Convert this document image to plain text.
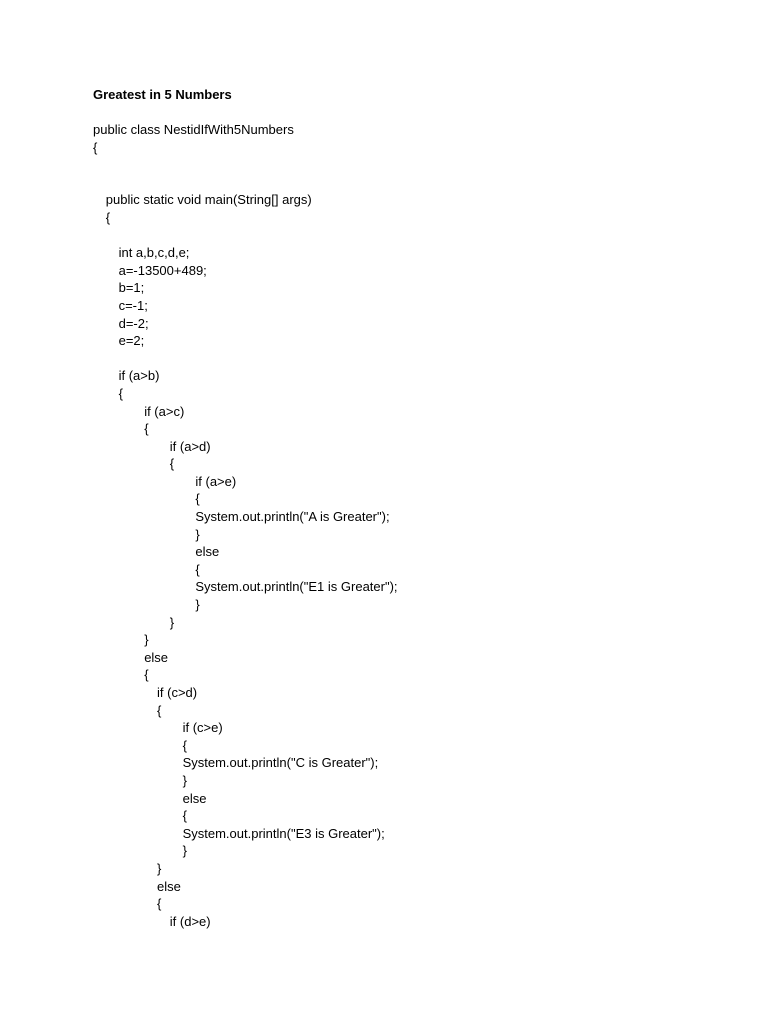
Greatest in 5 Numbers
public class NestidIfWith5Numbers
{
public static void main(String[] args)
{
int a,b,c,d,e;
a=-13500+489;
b=1;
c=-1;
d=-2;
e=2;
if (a>b)
{
if (a>c)
{
if (a>d)
{
if (a>e)
{
System.out.println("A is Greater");
}
else
{
System.out.println("E1 is Greater");
}
}
}
else
{
if (c>d)
{
if (c>e)
{
System.out.println("C is Greater");
}
else
{
System.out.println("E3 is Greater");
}
}
else
{
if (d>e)
